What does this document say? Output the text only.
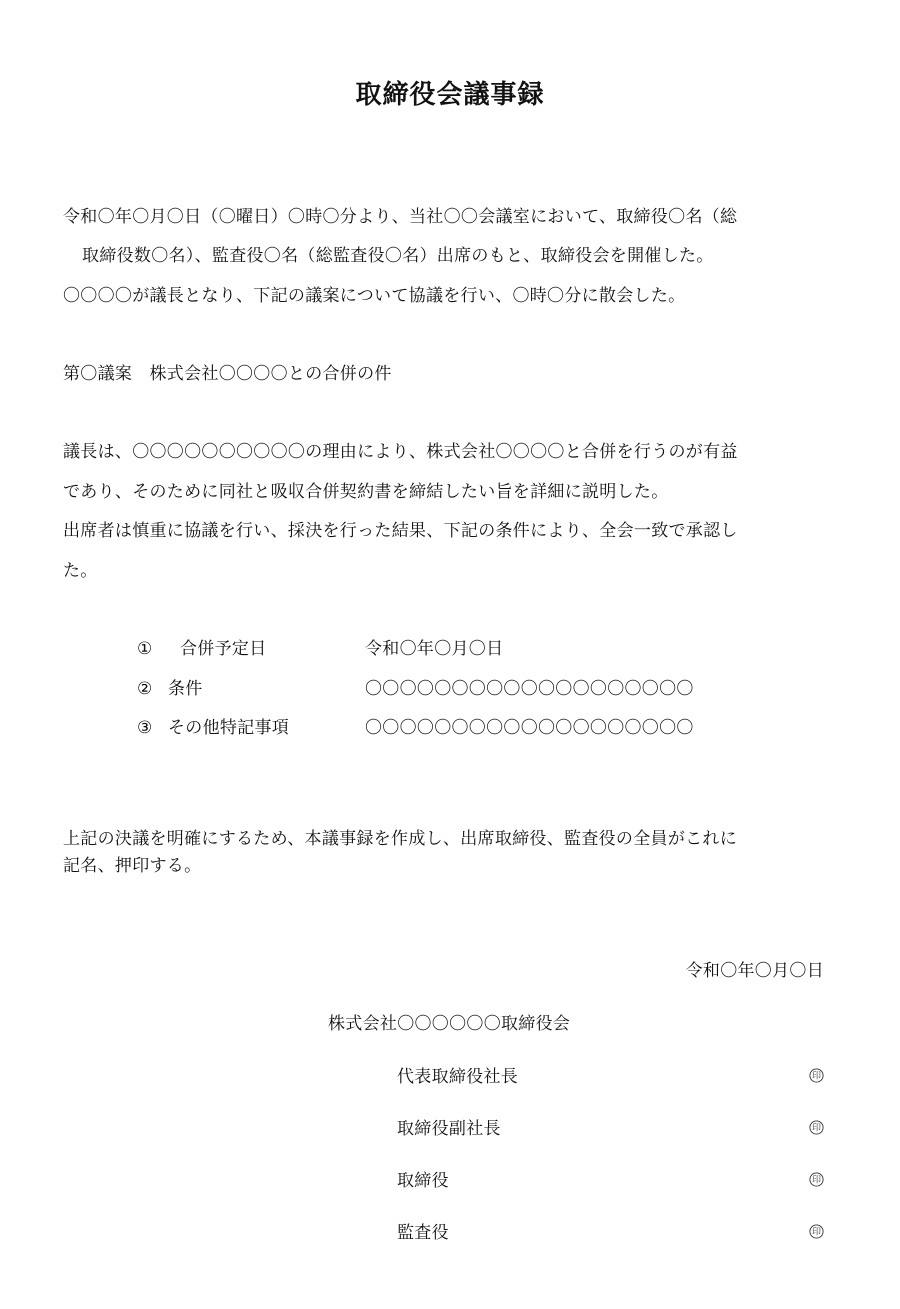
取締役会議事録
令和〇年〇月〇日（〇曜日）〇時〇分より、当社〇〇会議室において、取締役〇名（総
取締役数〇名）、監査役〇名（総監査役〇名）出席のもと、取締役会を開催した。
〇〇〇〇が議長となり、下記の議案について協議を行い、〇時〇分に散会した。
第〇議案　株式会社〇〇〇〇との合併の件
議長は、〇〇〇〇〇〇〇〇〇〇の理由により、株式会社〇〇〇〇と合併を行うのが有益
であり、そのために同社と吸収合併契約書を締結したい旨を詳細に説明した。
出席者は慎重に協議を行い、採決を行った結果、下記の条件により、全会一致で承認し
た。
① 合併予定日	令和〇年〇月〇日
② 条件	〇〇〇〇〇〇〇〇〇〇〇〇〇〇〇〇〇〇〇
③ その他特記事項	〇〇〇〇〇〇〇〇〇〇〇〇〇〇〇〇〇〇〇
上記の決議を明確にするため、本議事録を作成し、出席取締役、監査役の全員がこれに
記名、押印する。
令和〇年〇月〇日
株式会社〇〇〇〇〇〇取締役会
代表取締役社長	印
取締役副社長	印
取締役	印
監査役	印
